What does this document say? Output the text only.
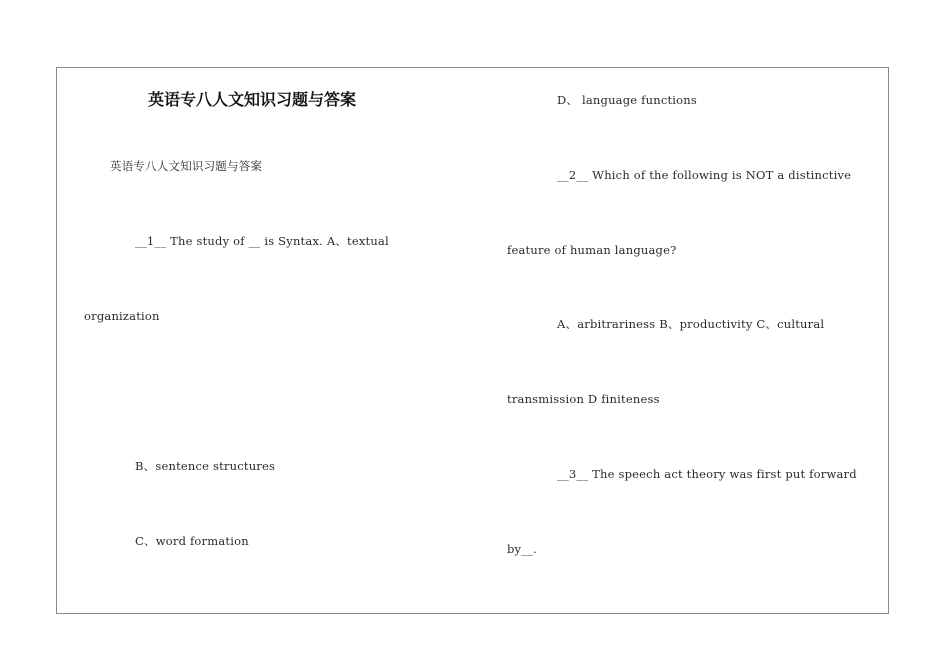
英语专八人文知识习题与答案
英语专八人文知识习题与答案
__1__ The study of __ is Syntax. A、textual
organization
B、sentence structures
C、word formation
D、 language functions
__2__ Which of the following is NOT a distinctive
feature of human language?
A、arbitrariness B、productivity C、cultural
transmission D finiteness
__3__ The speech act theory was first put forward
by__.
